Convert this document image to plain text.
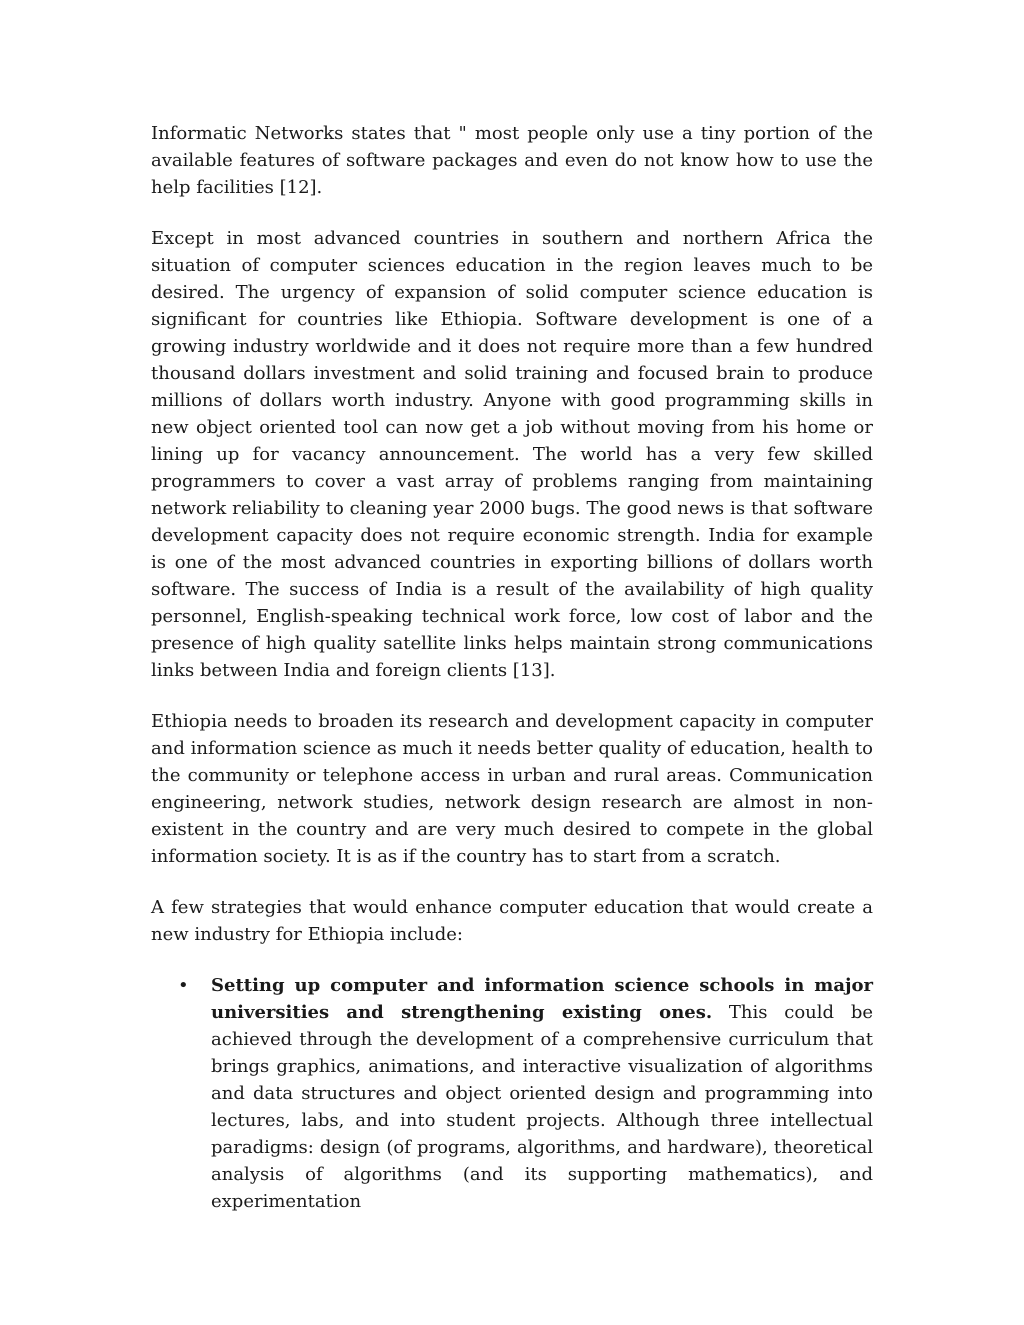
Informatic Networks states that " most people only use a tiny portion of the available features of software packages and even do not know how to use the help facilities [12].

Except in most advanced countries in southern and northern Africa the situation of computer sciences education in the region leaves much to be desired. The urgency of expansion of solid computer science education is significant for countries like Ethiopia. Software development is one of a growing industry worldwide and it does not require more than a few hundred thousand dollars investment and solid training and focused brain to produce millions of dollars worth industry. Anyone with good programming skills in new object oriented tool can now get a job without moving from his home or lining up for vacancy announcement. The world has a very few skilled programmers to cover a vast array of problems ranging from maintaining network reliability to cleaning year 2000 bugs. The good news is that software development capacity does not require economic strength. India for example is one of the most advanced countries in exporting billions of dollars worth software. The success of India is a result of the availability of high quality personnel, English-speaking technical work force, low cost of labor and the presence of high quality satellite links helps maintain strong communications links between India and foreign clients [13].

Ethiopia needs to broaden its research and development capacity in computer and information science as much it needs better quality of education, health to the community or telephone access in urban and rural areas. Communication engineering, network studies, network design research are almost in non-existent in the country and are very much desired to compete in the global information society. It is as if the country has to start from a scratch.

A few strategies that would enhance computer education that would create a new industry for Ethiopia include:

• Setting up computer and information science schools in major universities and strengthening existing ones. This could be achieved through the development of a comprehensive curriculum that brings graphics, animations, and interactive visualization of algorithms and data structures and object oriented design and programming into lectures, labs, and into student projects. Although three intellectual paradigms: design (of programs, algorithms, and hardware), theoretical analysis of algorithms (and its supporting mathematics), and experimentation
